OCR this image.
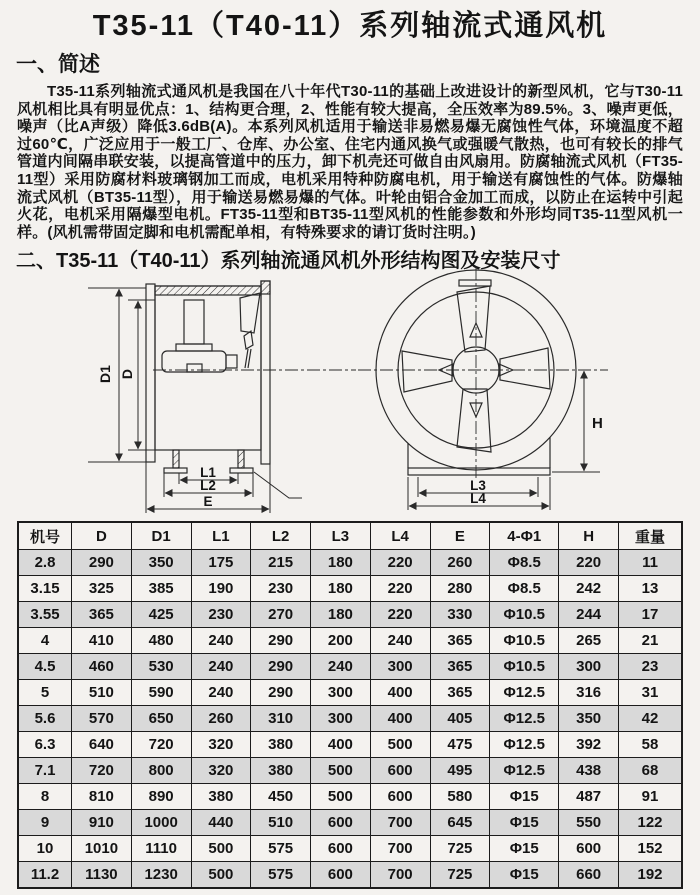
T35-11（T40-11）系列轴流式通风机
一、简述

T35-11系列轴流式通风机是我国在八十年代T30-11的基础上改进设计的新型风机，它与T30-11风机相比具有明显优点：1、结构更合理，2、性能有较大提高，全压效率为89.5%。3、噪声更低，噪声（比A声级）降低3.6dB(A)。本系列风机适用于输送非易燃易爆无腐蚀性气体，环境温度不超过60℃，广泛应用于一般工厂、仓库、办公室、住宅内通风换气或强暖气散热，也可有较长的排气管道内间隔串联安装，以提高管道中的压力，卸下机壳还可做自由风扇用。防腐轴流式风机（FT35-11型）采用防腐材料玻璃钢加工而成，电机采用特种防腐电机，用于输送有腐蚀性的气体。防爆轴流式风机（BT35-11型），用于输送易燃易爆的气体。叶轮由铝合金加工而成，以防止在运转中引起火花，电机采用隔爆型电机。FT35-11型和BT35-11型风机的性能参数和外形均同T35-11型风机一样。(风机需带固定脚和电机需配单相，有特殊要求的请订货时注明。)

二、T35-11（T40-11）系列轴流通风机外形结构图及安装尺寸
D1 D
L1
L2
E
H
L3
L4
机号	D	D1	L1	L2	L3	L4	E	4-Φ1	H	重量
2.8	290	350	175	215	180	220	260	Φ8.5	220	11
3.15	325	385	190	230	180	220	280	Φ8.5	242	13
3.55	365	425	230	270	180	220	330	Φ10.5	244	17
4	410	480	240	290	200	240	365	Φ10.5	265	21
4.5	460	530	240	290	240	300	365	Φ10.5	300	23
5	510	590	240	290	300	400	365	Φ12.5	316	31
5.6	570	650	260	310	300	400	405	Φ12.5	350	42
6.3	640	720	320	380	400	500	475	Φ12.5	392	58
7.1	720	800	320	380	500	600	495	Φ12.5	438	68
8	810	890	380	450	500	600	580	Φ15	487	91
9	910	1000	440	510	600	700	645	Φ15	550	122
10	1010	1110	500	575	600	700	725	Φ15	600	152
11.2	1130	1230	500	575	600	700	725	Φ15	660	192
